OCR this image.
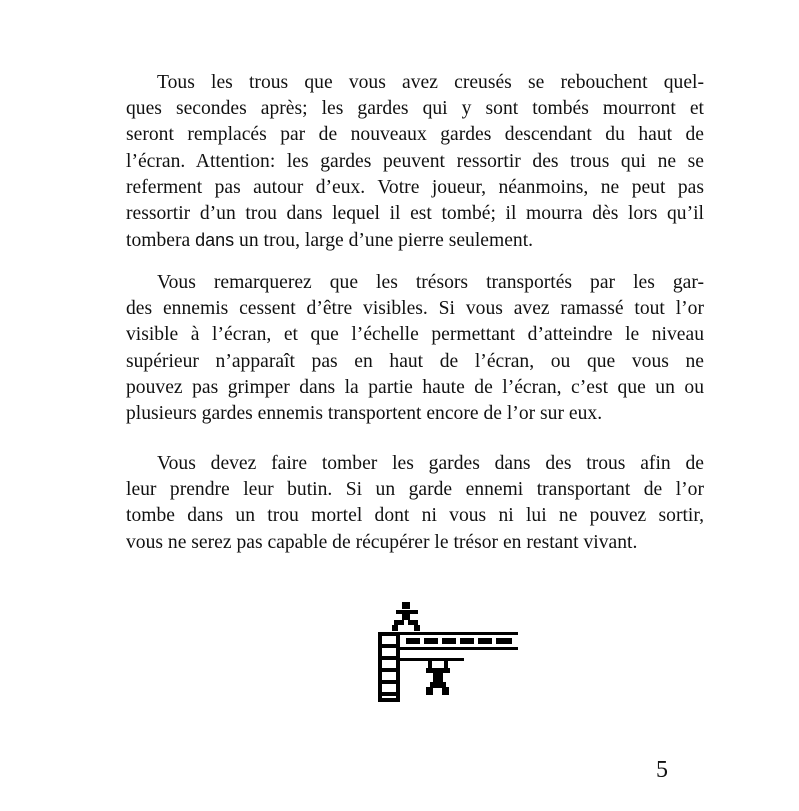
Tous les trous que vous avez creusés se rebouchent quel-

ques secondes après; les gardes qui y sont tombés mourront et

seront remplacés par de nouveaux gardes descendant du haut de

l’écran. Attention: les gardes peuvent ressortir des trous qui ne se

referment pas autour d’eux. Votre joueur, néanmoins, ne peut pas

ressortir d’un trou dans lequel il est tombé; il mourra dès lors qu’il

tombera dans un trou, large d’une pierre seulement.

Vous remarquerez que les trésors transportés par les gar-

des ennemis cessent d’être visibles. Si vous avez ramassé tout l’or

visible à l’écran, et que l’échelle permettant d’atteindre le niveau

supérieur n’apparaît pas en haut de l’écran, ou que vous ne

pouvez pas grimper dans la partie haute de l’écran, c’est que un ou

plusieurs gardes ennemis transportent encore de l’or sur eux.

Vous devez faire tomber les gardes dans des trous afin de

leur prendre leur butin. Si un garde ennemi transportant de l’or

tombe dans un trou mortel dont ni vous ni lui ne pouvez sortir,

vous ne serez pas capable de récupérer le trésor en restant vivant.

5
